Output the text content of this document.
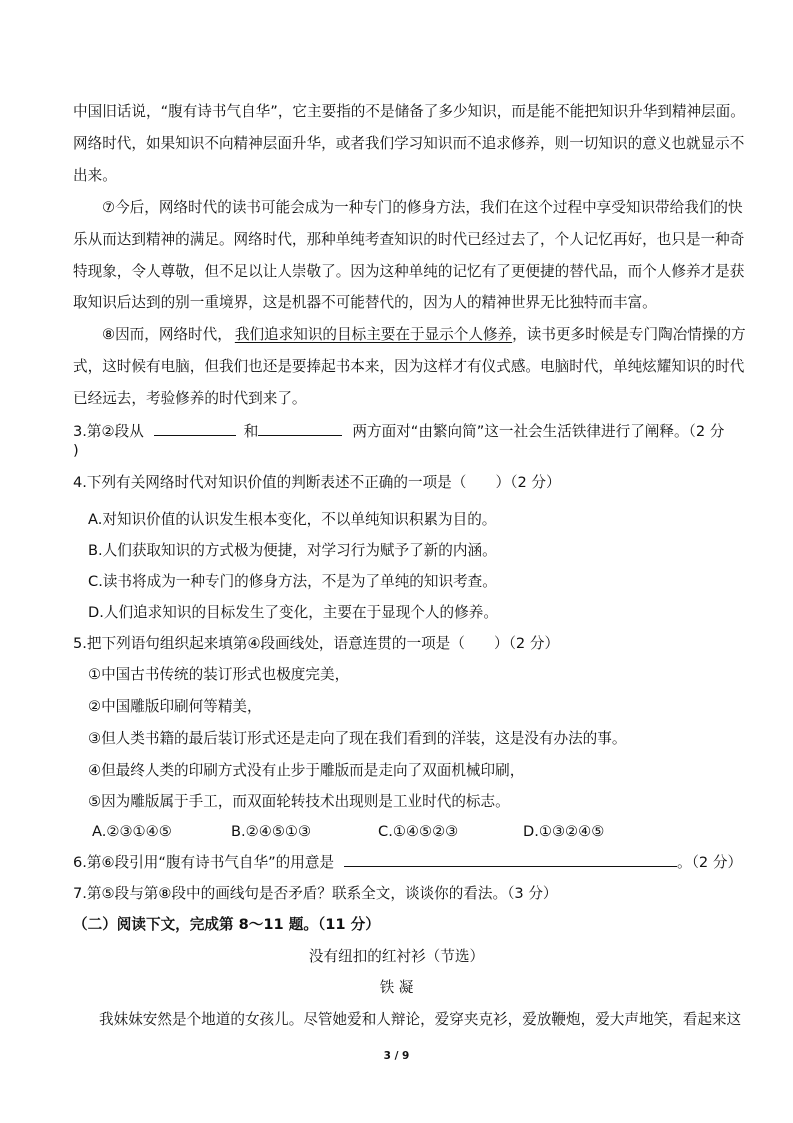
中国旧话说，“腹有诗书气自华”，它主要指的不是储备了多少知识，而是能不能把知识升华到精神层面。
网络时代，如果知识不向精神层面升华，或者我们学习知识而不追求修养，则一切知识的意义也就显示不
出来。
⑦今后，网络时代的读书可能会成为一种专门的修身方法，我们在这个过程中享受知识带给我们的快
乐从而达到精神的满足。网络时代，那种单纯考查知识的时代已经过去了，个人记忆再好，也只是一种奇
特现象，令人尊敬，但不足以让人崇敬了。因为这种单纯的记忆有了更便捷的替代品，而个人修养才是获
取知识后达到的别一重境界，这是机器不可能替代的，因为人的精神世界无比独特而丰富。
⑧因而，网络时代， 我们追求知识的目标主要在于显示个人修养，读书更多时候是专门陶冶情操的方
式，这时候有电脑，但我们也还是要捧起书本来，因为这样才有仪式感。电脑时代，单纯炫耀知识的时代
已经远去，考验修养的时代到来了。
3.第②段从	和	两方面对“由繁向简”这一社会生活铁律进行了阐释。（2 分
)
4.下列有关网络时代对知识价值的判断表述不正确的一项是（　　）（2 分）
A.对知识价值的认识发生根本变化，不以单纯知识积累为目的。
B.人们获取知识的方式极为便捷，对学习行为赋予了新的内涵。
C.读书将成为一种专门的修身方法，不是为了单纯的知识考查。
D.人们追求知识的目标发生了变化，主要在于显现个人的修养。
5.把下列语句组织起来填第④段画线处，语意连贯的一项是（　　）（2 分）
①中国古书传统的装订形式也极度完美，
②中国雕版印刷何等精美，
③但人类书籍的最后装订形式还是走向了现在我们看到的洋装，这是没有办法的事。
④但最终人类的印刷方式没有止步于雕版而是走向了双面机械印刷，
⑤因为雕版属于手工，而双面轮转技术出现则是工业时代的标志。
A.②③①④⑤	B.②④⑤①③	C.①④⑤②③	D.①③②④⑤
6.第⑥段引用“腹有诗书气自华”的用意是	。（2 分）
7.第⑤段与第⑧段中的画线句是否矛盾？联系全文，谈谈你的看法。（3 分）
（二）阅读下文，完成第 8～11 题。（11 分）
没有纽扣的红衬衫（节选）
铁 凝
我妹妹安然是个地道的女孩儿。尽管她爱和人辩论，爱穿夹克衫，爱放鞭炮，爱大声地笑，看起来这
3 / 9
